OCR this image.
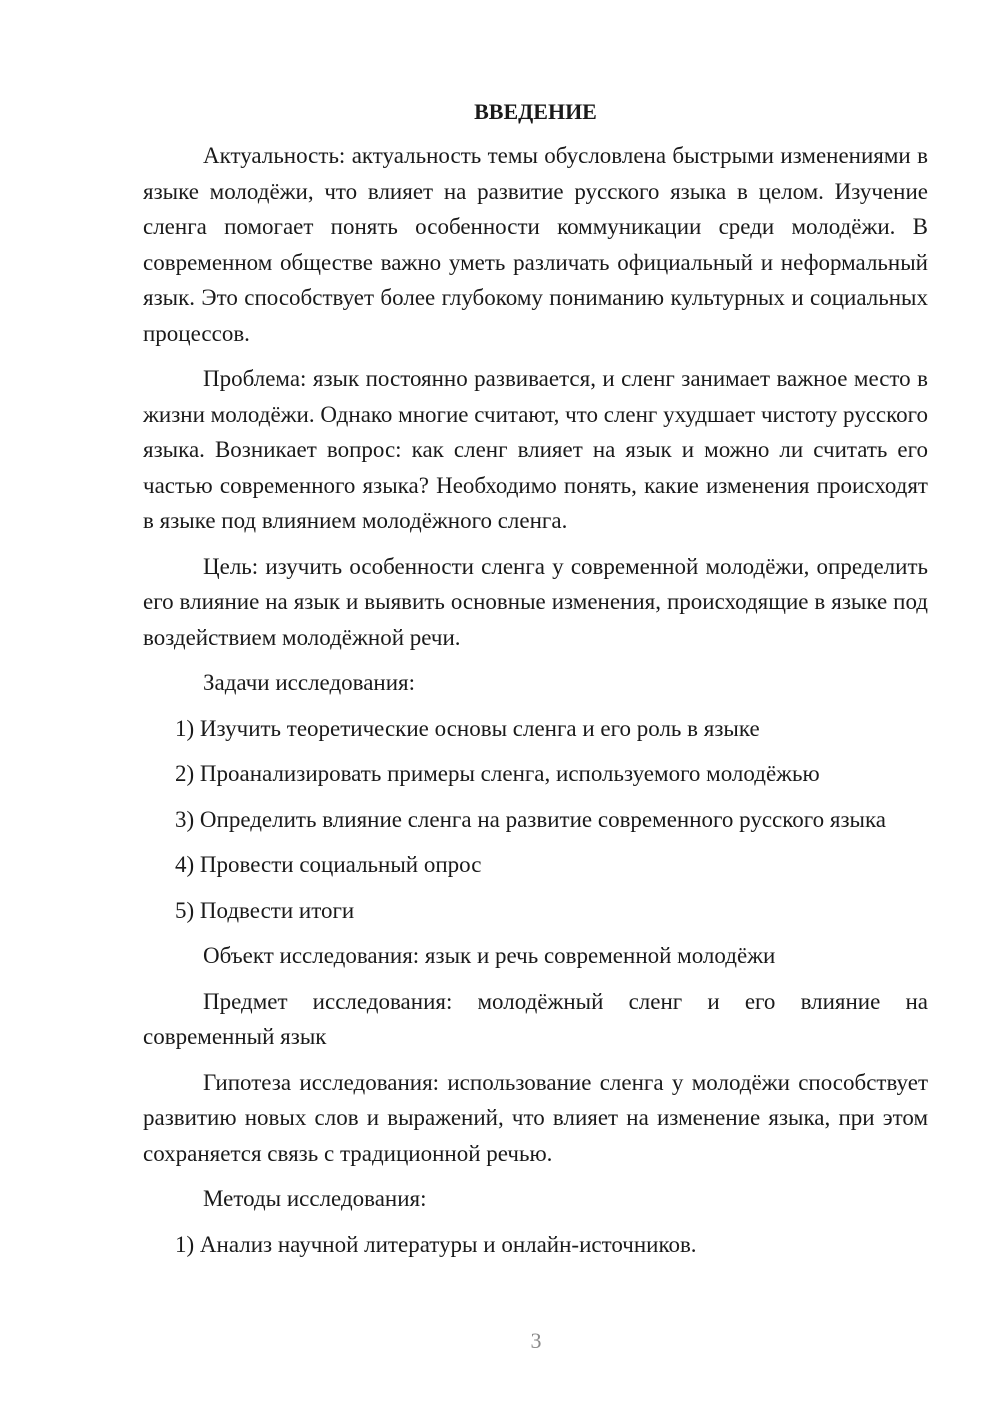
ВВЕДЕНИЕ

Актуальность: актуальность темы обусловлена быстрыми изменениями в языке молодёжи, что влияет на развитие русского языка в целом. Изучение сленга помогает понять особенности коммуникации среди молодёжи. В современном обществе важно уметь различать официальный и неформальный язык. Это способствует более глубокому пониманию культурных и социальных процессов.

Проблема: язык постоянно развивается, и сленг занимает важное место в жизни молодёжи. Однако многие считают, что сленг ухудшает чистоту русского языка. Возникает вопрос: как сленг влияет на язык и можно ли считать его частью современного языка? Необходимо понять, какие изменения происходят в языке под влиянием молодёжного сленга.

Цель: изучить особенности сленга у современной молодёжи, определить его влияние на язык и выявить основные изменения, происходящие в языке под воздействием молодёжной речи.

Задачи исследования:

1) Изучить теоретические основы сленга и его роль в языке

2) Проанализировать примеры сленга, используемого молодёжью

3) Определить влияние сленга на развитие современного русского языка

4) Провести социальный опрос

5) Подвести итоги

Объект исследования: язык и речь современной молодёжи

Предмет исследования: молодёжный сленг и его влияние на современный язык

Гипотеза исследования: использование сленга у молодёжи способствует развитию новых слов и выражений, что влияет на изменение языка, при этом сохраняется связь с традиционной речью.

Методы исследования:

1) Анализ научной литературы и онлайн-источников.

3
